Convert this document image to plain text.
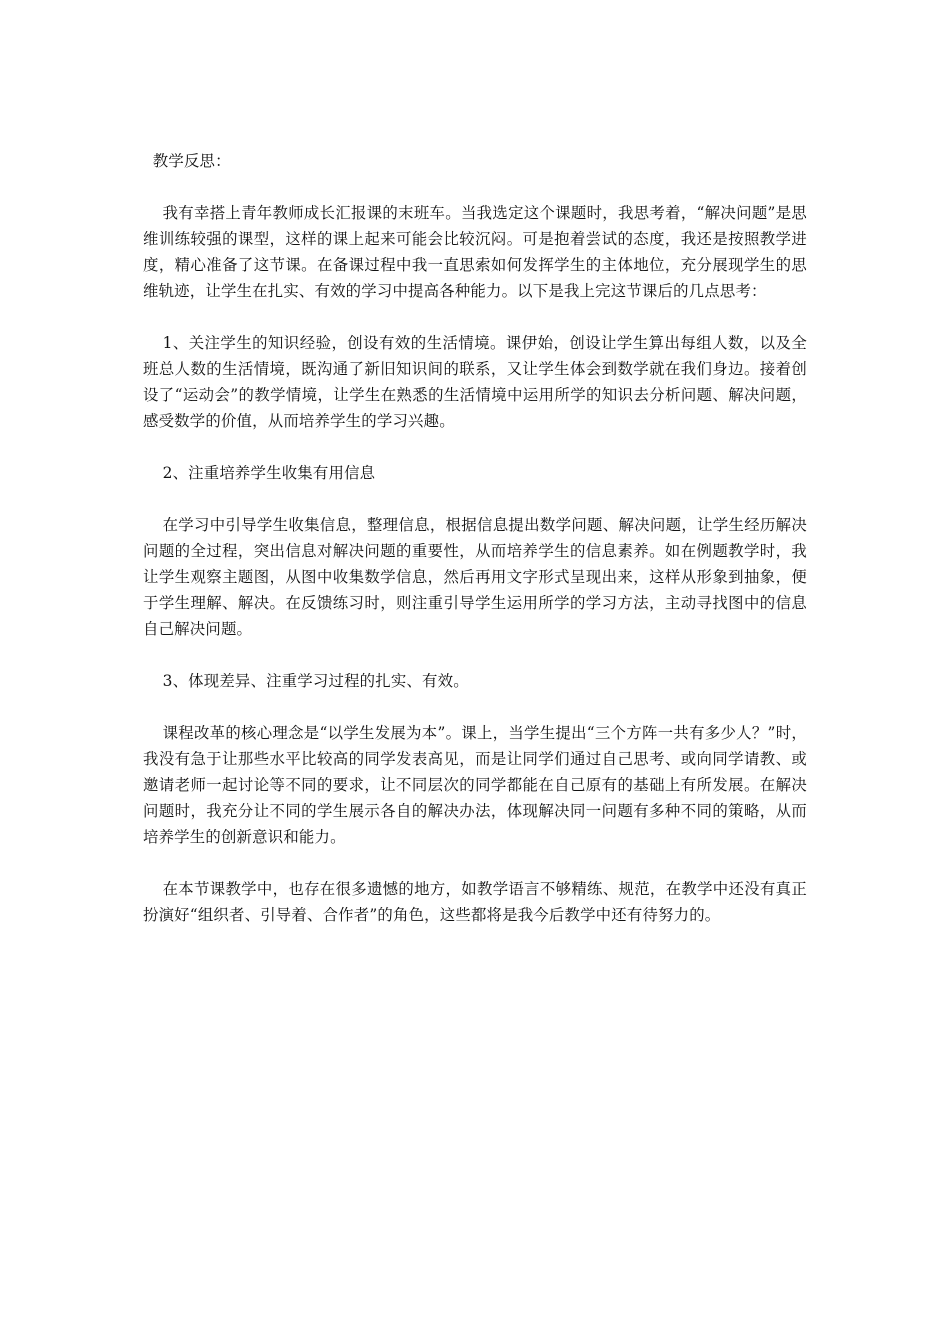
教学反思：

我有幸搭上青年教师成长汇报课的末班车。当我选定这个课题时，我思考着，“解决问题”是思维训练较强的课型，这样的课上起来可能会比较沉闷。可是抱着尝试的态度，我还是按照教学进度，精心准备了这节课。在备课过程中我一直思索如何发挥学生的主体地位，充分展现学生的思维轨迹，让学生在扎实、有效的学习中提高各种能力。以下是我上完这节课后的几点思考：

1、关注学生的知识经验，创设有效的生活情境。课伊始，创设让学生算出每组人数，以及全班总人数的生活情境，既沟通了新旧知识间的联系，又让学生体会到数学就在我们身边。接着创设了“运动会”的教学情境，让学生在熟悉的生活情境中运用所学的知识去分析问题、解决问题，感受数学的价值，从而培养学生的学习兴趣。

2、注重培养学生收集有用信息

在学习中引导学生收集信息，整理信息，根据信息提出数学问题、解决问题，让学生经历解决问题的全过程，突出信息对解决问题的重要性，从而培养学生的信息素养。如在例题教学时，我让学生观察主题图，从图中收集数学信息，然后再用文字形式呈现出来，这样从形象到抽象，便于学生理解、解决。在反馈练习时，则注重引导学生运用所学的学习方法，主动寻找图中的信息自己解决问题。

3、体现差异、注重学习过程的扎实、有效。

课程改革的核心理念是“以学生发展为本”。课上，当学生提出“三个方阵一共有多少人？”时，我没有急于让那些水平比较高的同学发表高见，而是让同学们通过自己思考、或向同学请教、或邀请老师一起讨论等不同的要求，让不同层次的同学都能在自己原有的基础上有所发展。在解决问题时，我充分让不同的学生展示各自的解决办法，体现解决同一问题有多种不同的策略，从而培养学生的创新意识和能力。

在本节课教学中，也存在很多遗憾的地方，如教学语言不够精练、规范，在教学中还没有真正扮演好“组织者、引导着、合作者”的角色，这些都将是我今后教学中还有待努力的。
